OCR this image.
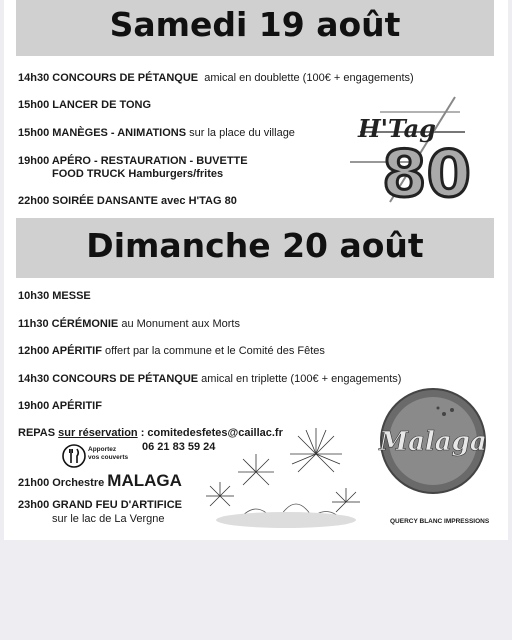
Samedi 19 août
14h30 CONCOURS DE PÉTANQUE amical en doublette (100€ + engagements)
15h00 LANCER DE TONG
15h00 MANÈGES - ANIMATIONS sur la place du village
19h00 APÉRO - RESTAURATION - BUVETTE
FOOD TRUCK Hamburgers/frites
22h00 SOIRÉE DANSANTE avec H'TAG 80
H'Tag
80
Dimanche 20 août
10h30 MESSE
11h30 CÉRÉMONIE au Monument aux Morts
12h00 APÉRITIF offert par la commune et le Comité des Fêtes
14h30 CONCOURS DE PÉTANQUE amical en triplette (100€ + engagements)
19h00 APÉRITIF
REPAS sur réservation : comitedesfetes@caillac.fr
06 21 83 59 24
Apportez
vos couverts
21h00 Orchestre MALAGA
23h00 GRAND FEU D'ARTIFICE
sur le lac de La Vergne
Malaga
QUERCY BLANC IMPRESSIONS
